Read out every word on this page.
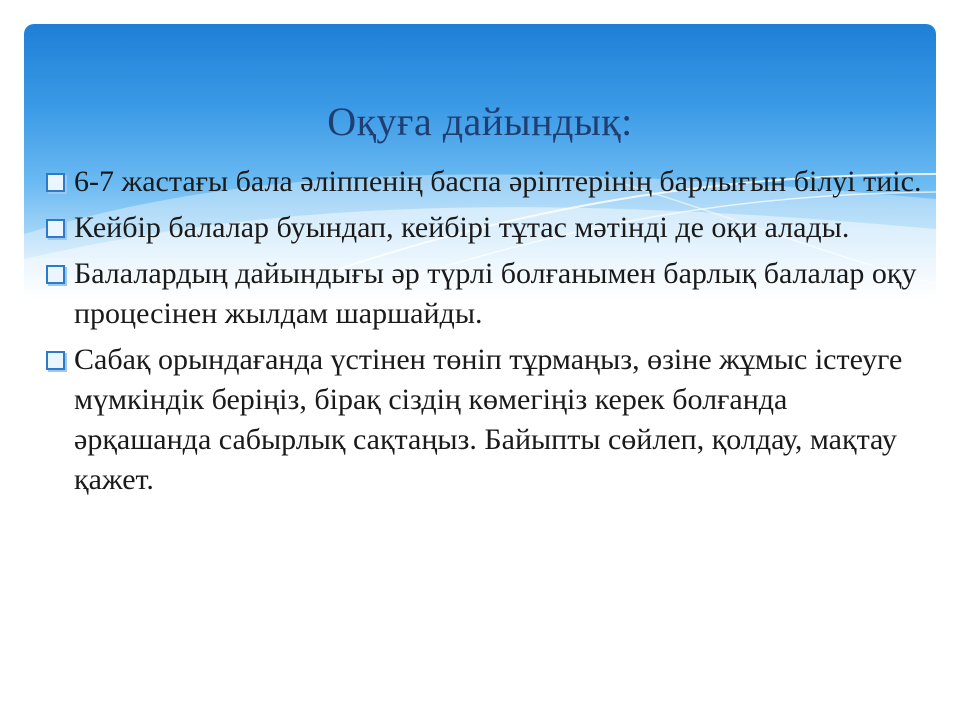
Оқуға дайындық:
6-7 жастағы бала әліппенің баспа әріптерінің барлығын білуі тиіс.
Кейбір балалар буындап, кейбірі тұтас мәтінді де оқи алады.
Балалардың дайындығы әр түрлі болғанымен барлық балалар оқу процесінен жылдам шаршайды.
Сабақ орындағанда үстінен төніп тұрмаңыз, өзіне жұмыс істеуге мүмкіндік беріңіз, бірақ сіздің көмегіңіз керек болғанда әрқашанда сабырлық сақтаңыз. Байыпты сөйлеп, қолдау, мақтау қажет.
